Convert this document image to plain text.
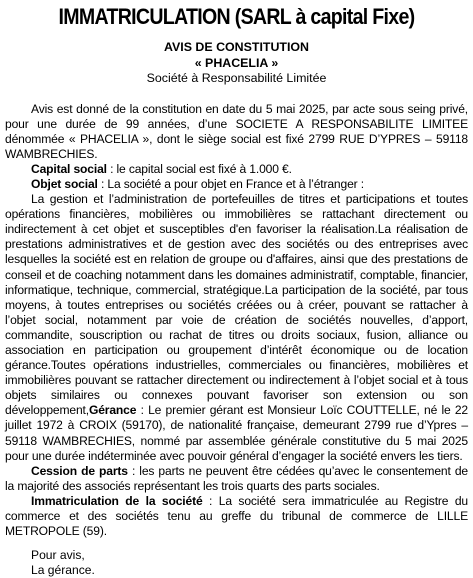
IMMATRICULATION (SARL à capital Fixe)
AVIS DE CONSTITUTION
« PHACELIA »
Société à Responsabilité Limitée

Avis est donné de la constitution en date du 5 mai 2025, par acte sous seing privé, pour une durée de 99 années, d’une SOCIETE A RESPONSABILITE LIMITEE dénommée « PHACELIA », dont le siège social est fixé 2799 RUE D’YPRES – 59118 WAMBRECHIES.

Capital social : le capital social est fixé à 1.000 €.

Objet social : La société a pour objet en France et à l’étranger :

La gestion et l’administration de portefeuilles de titres et participations et toutes opérations financières, mobilières ou immobilières se rattachant directement ou indirectement à cet objet et susceptibles d'en favoriser la réalisation.La réalisation de prestations administratives et de gestion avec des sociétés ou des entreprises avec lesquelles la société est en relation de groupe ou d'affaires, ainsi que des prestations de conseil et de coaching notamment dans les domaines administratif, comptable, financier, informatique, technique, commercial, stratégique.La participation de la société, par tous moyens, à toutes entreprises ou sociétés créées ou à créer, pouvant se rattacher à l’objet social, notamment par voie de création de sociétés nouvelles, d’apport, commandite, souscription ou rachat de titres ou droits sociaux, fusion, alliance ou association en participation ou groupement d’intérêt économique ou de location gérance.Toutes opérations industrielles, commerciales ou financières, mobilières et immobilières pouvant se rattacher directement ou indirectement à l’objet social et à tous objets similaires ou connexes pouvant favoriser son extension ou son développement,Gérance : Le premier gérant est Monsieur Loïc COUTTELLE, né le 22 juillet 1972 à CROIX (59170), de nationalité française, demeurant 2799 rue d’Ypres – 59118 WAMBRECHIES, nommé par assemblée générale constitutive du 5 mai 2025 pour une durée indéterminée avec pouvoir général d’engager la société envers les tiers.

Cession de parts : les parts ne peuvent être cédées qu’avec le consentement de la majorité des associés représentant les trois quarts des parts sociales.

Immatriculation de la société : La société sera immatriculée au Registre du commerce et des sociétés tenu au greffe du tribunal de commerce de LILLE METROPOLE (59).

Pour avis,
La gérance.
